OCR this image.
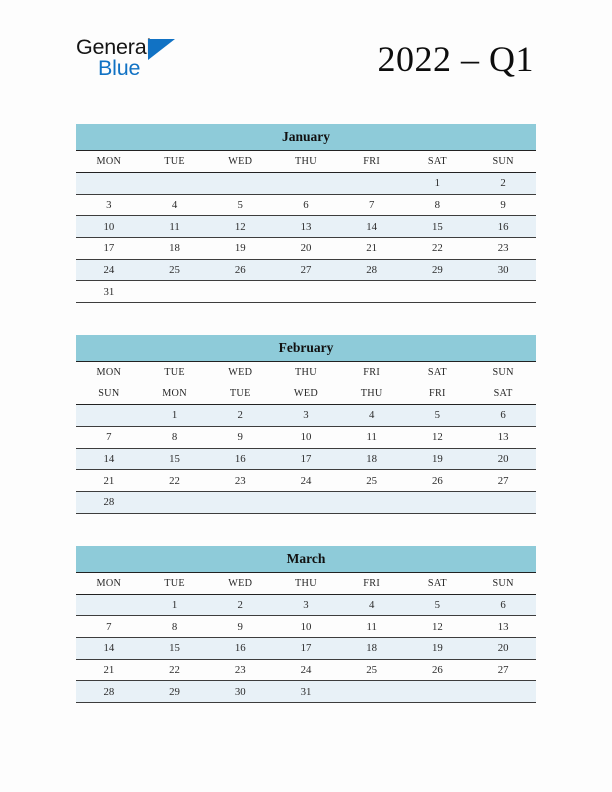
General
Blue	2022 – Q1
January						
MON	TUE	WED	THU	FRI	SAT	SUN
					1	2
3	4	5	6	7	8	9
10	11	12	13	14	15	16
17	18	19	20	21	22	23
24	25	26	27	28	29	30
31						
February						
MON	TUE	WED	THU	FRI	SAT	SUN
SUN	MON	TUE	WED	THU	FRI	SAT
	1	2	3	4	5	6
7	8	9	10	11	12	13
14	15	16	17	18	19	20
21	22	23	24	25	26	27
28						
March						
MON	TUE	WED	THU	FRI	SAT	SUN
	1	2	3	4	5	6
7	8	9	10	11	12	13
14	15	16	17	18	19	20
21	22	23	24	25	26	27
28	29	30	31			
